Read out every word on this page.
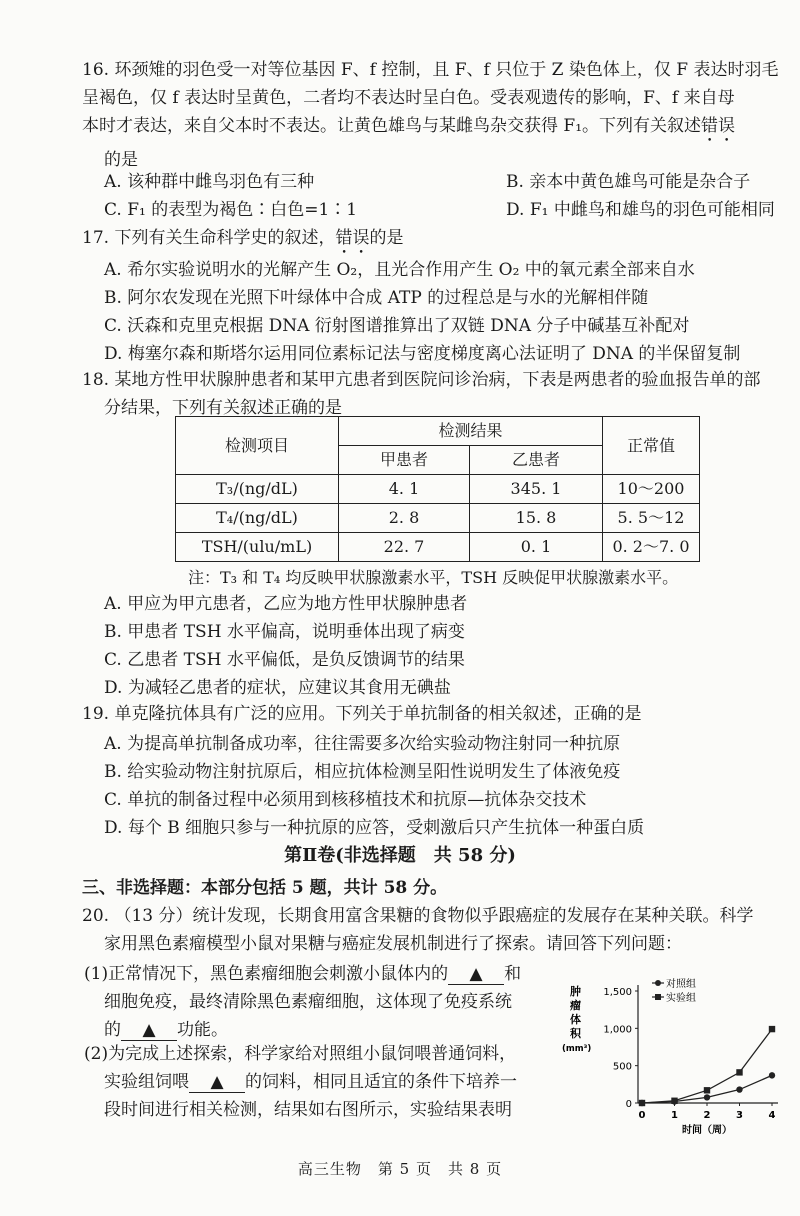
16. 环颈雉的羽色受一对等位基因 F、f 控制，且 F、f 只位于 Z 染色体上，仅 F 表达时羽毛
呈褐色，仅 f 表达时呈黄色，二者均不表达时呈白色。受表观遗传的影响，F、f 来自母
本时才表达，来自父本时不表达。让黄色雄鸟与某雌鸟杂交获得 F₁。下列有关叙述错误
的是
A. 该种群中雌鸟羽色有三种	B. 亲本中黄色雄鸟可能是杂合子
C. F₁ 的表型为褐色∶白色=1∶1	D. F₁ 中雌鸟和雄鸟的羽色可能相同
17. 下列有关生命科学史的叙述，错误的是
A. 希尔实验说明水的光解产生 O₂，且光合作用产生 O₂ 中的氧元素全部来自水
B. 阿尔农发现在光照下叶绿体中合成 ATP 的过程总是与水的光解相伴随
C. 沃森和克里克根据 DNA 衍射图谱推算出了双链 DNA 分子中碱基互补配对
D. 梅塞尔森和斯塔尔运用同位素标记法与密度梯度离心法证明了 DNA 的半保留复制
18. 某地方性甲状腺肿患者和某甲亢患者到医院问诊治病，下表是两患者的验血报告单的部
分结果，下列有关叙述正确的是
检测项目	检测结果		正常值
	甲患者	乙患者	
T₃/(ng/dL)	4. 1	345. 1	10～200
T₄/(ng/dL)	2. 8	15. 8	5. 5～12
TSH/(ulu/mL)	22. 7	0. 1	0. 2～7. 0
注：T₃ 和 T₄ 均反映甲状腺激素水平，TSH 反映促甲状腺激素水平。
A. 甲应为甲亢患者，乙应为地方性甲状腺肿患者
B. 甲患者 TSH 水平偏高，说明垂体出现了病变
C. 乙患者 TSH 水平偏低，是负反馈调节的结果
D. 为减轻乙患者的症状，应建议其食用无碘盐
19. 单克隆抗体具有广泛的应用。下列关于单抗制备的相关叙述，正确的是
A. 为提高单抗制备成功率，往往需要多次给实验动物注射同一种抗原
B. 给实验动物注射抗原后，相应抗体检测呈阳性说明发生了体液免疫
C. 单抗的制备过程中必须用到核移植技术和抗原—抗体杂交技术
D. 每个 B 细胞只参与一种抗原的应答，受刺激后只产生抗体一种蛋白质
第Ⅱ卷(非选择题　共 58 分)
三、非选择题：本部分包括 5 题，共计 58 分。
20. （13 分）统计发现，长期食用富含果糖的食物似乎跟癌症的发展存在某种关联。科学
家用黑色素瘤模型小鼠对果糖与癌症发展机制进行了探索。请回答下列问题：
(1)正常情况下，黑色素瘤细胞会刺激小鼠体内的 ▲ 和
细胞免疫，最终清除黑色素瘤细胞，这体现了免疫系统
的 ▲ 功能。
(2)为完成上述探索，科学家给对照组小鼠饲喂普通饲料，
实验组饲喂 ▲ 的饲料，相同且适宜的条件下培养一
段时间进行相关检测，结果如右图所示，实验结果表明
肿
瘤
体
积
(mm³)
0
500
1,000
1,500
0	1	2	3	4
时间（周）
对照组
实验组
高三生物　第 5 页　共 8 页
